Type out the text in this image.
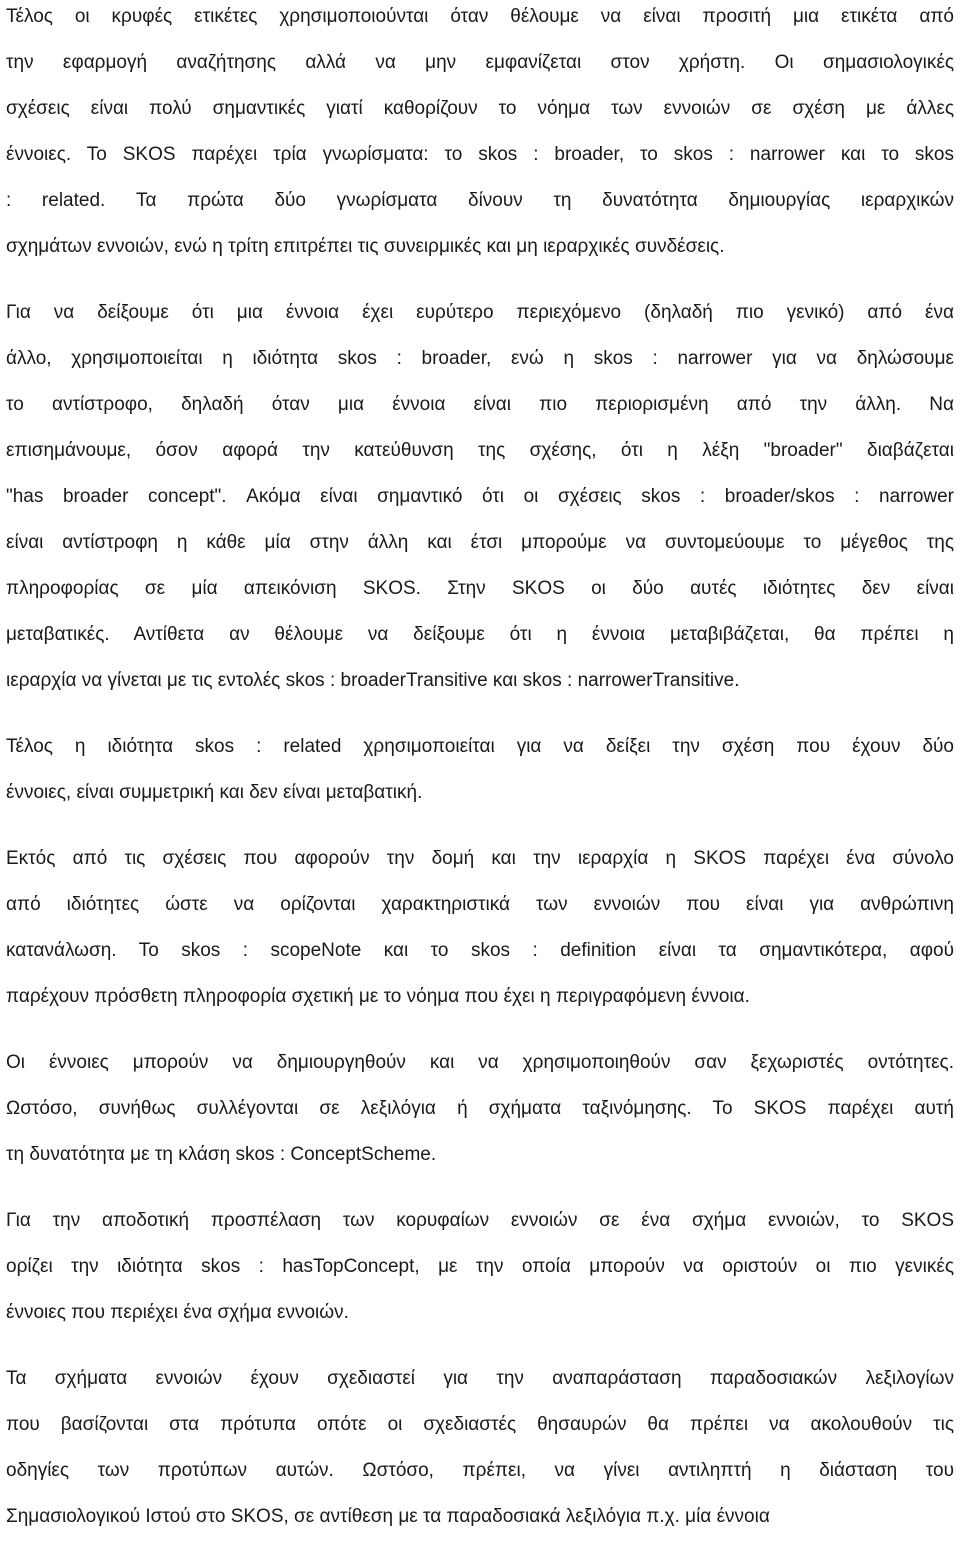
Τέλος οι κρυφές ετικέτες χρησιμοποιούνται όταν θέλουμε να είναι προσιτή μια ετικέτα από
την εφαρμογή αναζήτησης αλλά να μην εμφανίζεται στον χρήστη. Οι σημασιολογικές
σχέσεις είναι πολύ σημαντικές γιατί καθορίζουν το νόημα των εννοιών σε σχέση με άλλες
έννοιες. Το SKOS παρέχει τρία γνωρίσματα: το skos : broader, το skos : narrower και το skos
: related. Τα πρώτα δύο γνωρίσματα δίνουν τη δυνατότητα δημιουργίας ιεραρχικών
σχημάτων εννοιών, ενώ η τρίτη επιτρέπει τις συνειρμικές και μη ιεραρχικές συνδέσεις.
Για να δείξουμε ότι μια έννοια έχει ευρύτερο περιεχόμενο (δηλαδή πιο γενικό) από ένα
άλλο, χρησιμοποιείται η ιδιότητα skos : broader, ενώ η skos : narrower για να δηλώσουμε
το αντίστροφο, δηλαδή όταν μια έννοια είναι πιο περιορισμένη από την άλλη. Να
επισημάνουμε, όσον αφορά την κατεύθυνση της σχέσης, ότι η λέξη "broader" διαβάζεται
"has broader concept". Ακόμα είναι σημαντικό ότι οι σχέσεις skos : broader/skos : narrower
είναι αντίστροφη η κάθε μία στην άλλη και έτσι μπορούμε να συντομεύουμε το μέγεθος της
πληροφορίας σε μία απεικόνιση SKOS. Στην SKOS οι δύο αυτές ιδιότητες δεν είναι
μεταβατικές. Αντίθετα αν θέλουμε να δείξουμε ότι η έννοια μεταβιβάζεται, θα πρέπει η
ιεραρχία να γίνεται με τις εντολές skos : broaderTransitive και skos : narrowerTransitive.
Τέλος η ιδιότητα skos : related χρησιμοποιείται για να δείξει την σχέση που έχουν δύο
έννοιες, είναι συμμετρική και δεν είναι μεταβατική.
Εκτός από τις σχέσεις που αφορούν την δομή και την ιεραρχία η SKOS παρέχει ένα σύνολο
από ιδιότητες ώστε να ορίζονται χαρακτηριστικά των εννοιών που είναι για ανθρώπινη
κατανάλωση. Το skos : scopeNote και το skos : definition είναι τα σημαντικότερα, αφού
παρέχουν πρόσθετη πληροφορία σχετική με το νόημα που έχει η περιγραφόμενη έννοια.
Οι έννοιες μπορούν να δημιουργηθούν και να χρησιμοποιηθούν σαν ξεχωριστές οντότητες.
Ωστόσο, συνήθως συλλέγονται σε λεξιλόγια ή σχήματα ταξινόμησης. Το SKOS παρέχει αυτή
τη δυνατότητα με τη κλάση skos : ConceptScheme.
Για την αποδοτική προσπέλαση των κορυφαίων εννοιών σε ένα σχήμα εννοιών, το SKOS
ορίζει την ιδιότητα skos : hasTopConcept, με την οποία μπορούν να οριστούν οι πιο γενικές
έννοιες που περιέχει ένα σχήμα εννοιών.
Τα σχήματα εννοιών έχουν σχεδιαστεί για την αναπαράσταση παραδοσιακών λεξιλογίων
που βασίζονται στα πρότυπα οπότε οι σχεδιαστές θησαυρών θα πρέπει να ακολουθούν τις
οδηγίες των προτύπων αυτών. Ωστόσο, πρέπει, να γίνει αντιληπτή η διάσταση του
Σημασιολογικού Ιστού στο SKOS, σε αντίθεση με τα παραδοσιακά λεξιλόγια π.χ. μία έννοια
